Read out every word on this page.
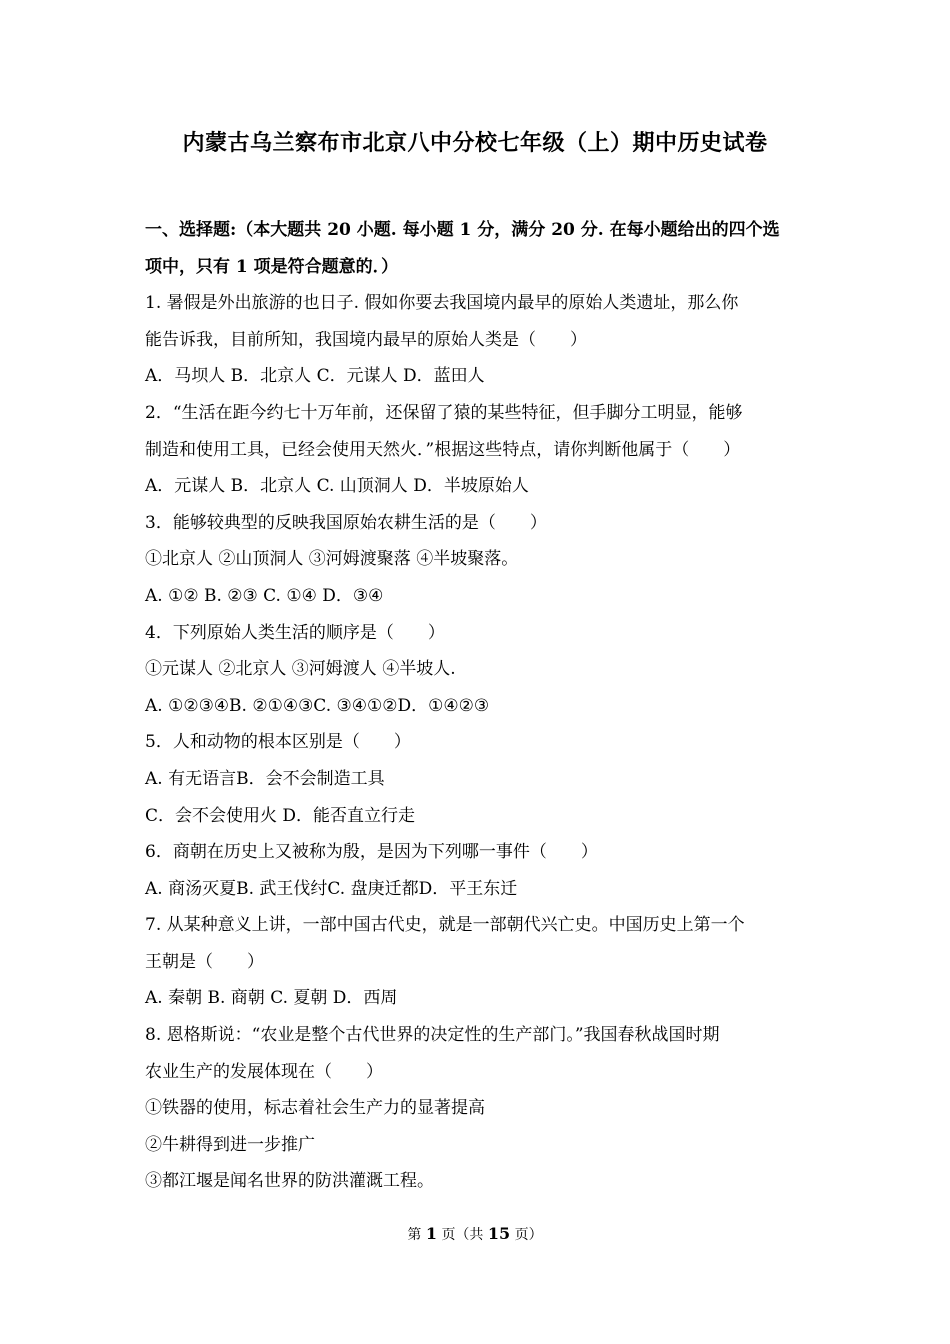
内蒙古乌兰察布市北京八中分校七年级（上）期中历史试卷
一、选择题:（本大题共 20 小题. 每小题 1 分，满分 20 分. 在每小题给出的四个选
项中，只有 1 项是符合题意的．）
1. 暑假是外出旅游的也日子. 假如你要去我国境内最早的原始人类遗址，那么你
能告诉我，目前所知，我国境内最早的原始人类是（　　）
A．马坝人 B．北京人 C．元谋人 D．蓝田人
2．“生活在距今约七十万年前，还保留了猿的某些特征，但手脚分工明显，能够
制造和使用工具，已经会使用天然火．”根据这些特点，请你判断他属于（　　）
A．元谋人 B．北京人 C. 山顶洞人 D．半坡原始人
3．能够较典型的反映我国原始农耕生活的是（　　）
①北京人 ②山顶洞人 ③河姆渡聚落 ④半坡聚落。
A. ①② B. ②③ C. ①④ D．③④
4．下列原始人类生活的顺序是（　　）
①元谋人 ②北京人 ③河姆渡人 ④半坡人.
A. ①②③④B. ②①④③C. ③④①②D．①④②③
5．人和动物的根本区别是（　　）
A. 有无语言B．会不会制造工具
C．会不会使用火 D．能否直立行走
6．商朝在历史上又被称为殷，是因为下列哪一事件（　　）
A. 商汤灭夏B. 武王伐纣C. 盘庚迁都D．平王东迁
7. 从某种意义上讲，一部中国古代史，就是一部朝代兴亡史。中国历史上第一个
王朝是（　　）
A. 秦朝 B. 商朝 C. 夏朝 D．西周
8. 恩格斯说：“农业是整个古代世界的决定性的生产部门。”我国春秋战国时期
农业生产的发展体现在（　　）
①铁器的使用，标志着社会生产力的显著提高
②牛耕得到进一步推广
③都江堰是闻名世界的防洪灌溉工程。
第 1 页（共 15 页）
